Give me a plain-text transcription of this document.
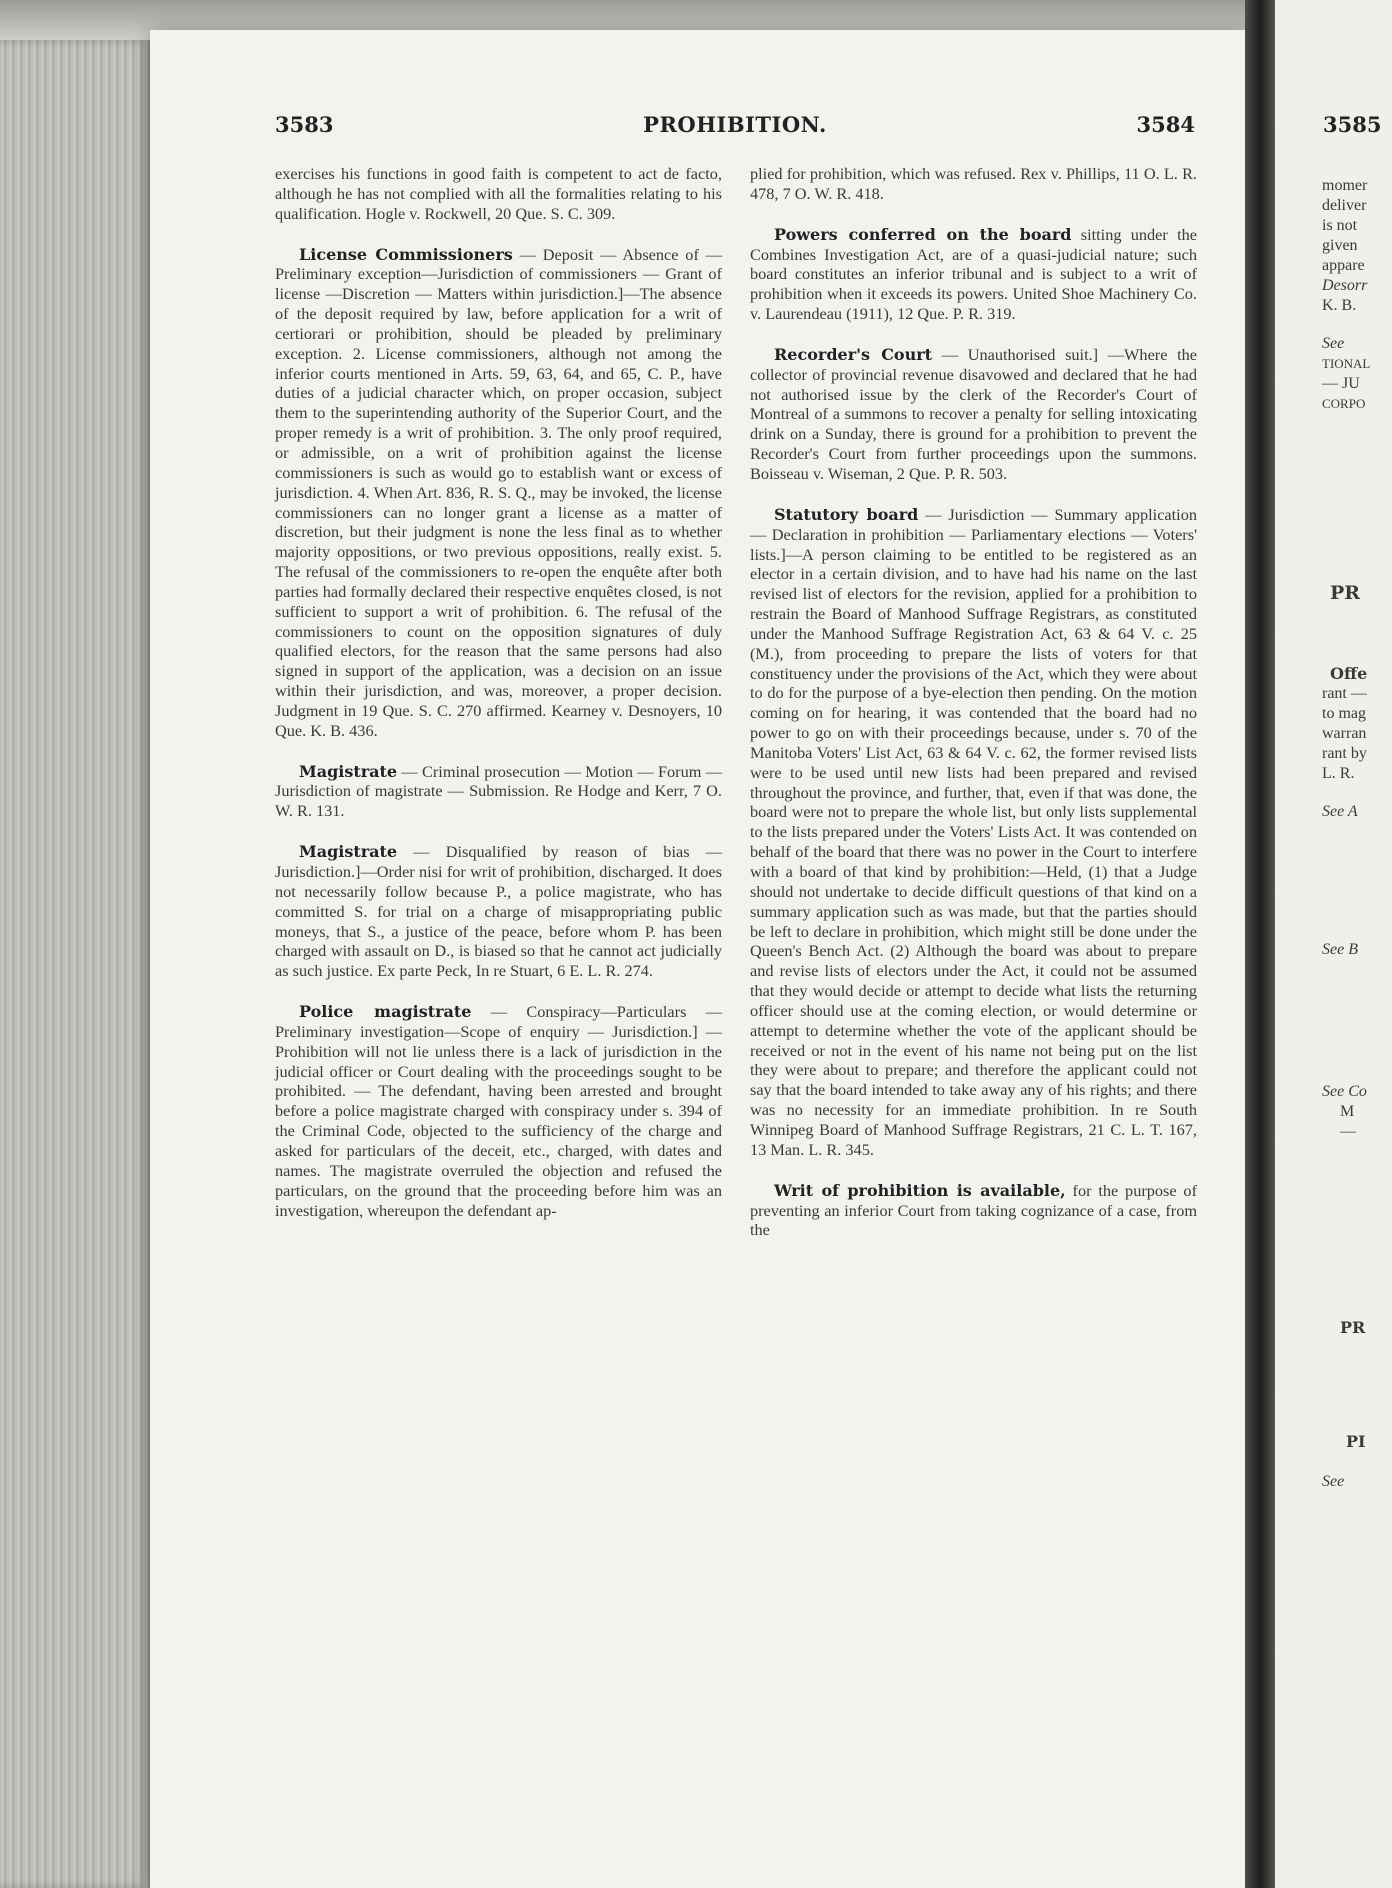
3583	PROHIBITION.	3584

exercises his functions in good faith is competent to act de facto, although he has not complied with all the formalities relating to his qualification. Hogle v. Rockwell, 20 Que. S. C. 309.

License Commissioners — Deposit — Absence of — Preliminary exception—Jurisdiction of commissioners — Grant of license —Discretion — Matters within jurisdiction.]—The absence of the deposit required by law, before application for a writ of certiorari or prohibition, should be pleaded by preliminary exception. 2. License commissioners, although not among the inferior courts mentioned in Arts. 59, 63, 64, and 65, C. P., have duties of a judicial character which, on proper occasion, subject them to the superintending authority of the Superior Court, and the proper remedy is a writ of prohibition. 3. The only proof required, or admissible, on a writ of prohibition against the license commissioners is such as would go to establish want or excess of jurisdiction. 4. When Art. 836, R. S. Q., may be invoked, the license commissioners can no longer grant a license as a matter of discretion, but their judgment is none the less final as to whether majority oppositions, or two previous oppositions, really exist. 5. The refusal of the commissioners to re-open the enquête after both parties had formally declared their respective enquêtes closed, is not sufficient to support a writ of prohibition. 6. The refusal of the commissioners to count on the opposition signatures of duly qualified electors, for the reason that the same persons had also signed in support of the application, was a decision on an issue within their jurisdiction, and was, moreover, a proper decision. Judgment in 19 Que. S. C. 270 affirmed. Kearney v. Desnoyers, 10 Que. K. B. 436.

Magistrate — Criminal prosecution — Motion — Forum — Jurisdiction of magistrate — Submission. Re Hodge and Kerr, 7 O. W. R. 131.

Magistrate — Disqualified by reason of bias — Jurisdiction.]—Order nisi for writ of prohibition, discharged. It does not necessarily follow because P., a police magistrate, who has committed S. for trial on a charge of misappropriating public moneys, that S., a justice of the peace, before whom P. has been charged with assault on D., is biased so that he cannot act judicially as such justice. Ex parte Peck, In re Stuart, 6 E. L. R. 274.

Police magistrate — Conspiracy—Particulars — Preliminary investigation—Scope of enquiry — Jurisdiction.] — Prohibition will not lie unless there is a lack of jurisdiction in the judicial officer or Court dealing with the proceedings sought to be prohibited. — The defendant, having been arrested and brought before a police magistrate charged with conspiracy under s. 394 of the Criminal Code, objected to the sufficiency of the charge and asked for particulars of the deceit, etc., charged, with dates and names. The magistrate overruled the objection and refused the particulars, on the ground that the proceeding before him was an investigation, whereupon the defendant ap-

plied for prohibition, which was refused. Rex v. Phillips, 11 O. L. R. 478, 7 O. W. R. 418.

Powers conferred on the board sitting under the Combines Investigation Act, are of a quasi-judicial nature; such board constitutes an inferior tribunal and is subject to a writ of prohibition when it exceeds its powers. United Shoe Machinery Co. v. Laurendeau (1911), 12 Que. P. R. 319.

Recorder's Court — Unauthorised suit.] —Where the collector of provincial revenue disavowed and declared that he had not authorised issue by the clerk of the Recorder's Court of Montreal of a summons to recover a penalty for selling intoxicating drink on a Sunday, there is ground for a prohibition to prevent the Recorder's Court from further proceedings upon the summons. Boisseau v. Wiseman, 2 Que. P. R. 503.

Statutory board — Jurisdiction — Summary application — Declaration in prohibition — Parliamentary elections — Voters' lists.]—A person claiming to be entitled to be registered as an elector in a certain division, and to have had his name on the last revised list of electors for the revision, applied for a prohibition to restrain the Board of Manhood Suffrage Registrars, as constituted under the Manhood Suffrage Registration Act, 63 & 64 V. c. 25 (M.), from proceeding to prepare the lists of voters for that constituency under the provisions of the Act, which they were about to do for the purpose of a bye-election then pending. On the motion coming on for hearing, it was contended that the board had no power to go on with their proceedings because, under s. 70 of the Manitoba Voters' List Act, 63 & 64 V. c. 62, the former revised lists were to be used until new lists had been prepared and revised throughout the province, and further, that, even if that was done, the board were not to prepare the whole list, but only lists supplemental to the lists prepared under the Voters' Lists Act. It was contended on behalf of the board that there was no power in the Court to interfere with a board of that kind by prohibition:—Held, (1) that a Judge should not undertake to decide difficult questions of that kind on a summary application such as was made, but that the parties should be left to declare in prohibition, which might still be done under the Queen's Bench Act. (2) Although the board was about to prepare and revise lists of electors under the Act, it could not be assumed that they would decide or attempt to decide what lists the returning officer should use at the coming election, or would determine or attempt to determine whether the vote of the applicant should be received or not in the event of his name not being put on the list they were about to prepare; and therefore the applicant could not say that the board intended to take away any of his rights; and there was no necessity for an immediate prohibition. In re South Winnipeg Board of Manhood Suffrage Registrars, 21 C. L. T. 167, 13 Man. L. R. 345.

Writ of prohibition is available, for the purpose of preventing an inferior Court from taking cognizance of a case, from the

3585
momer
deliver
is not
given
appare
Desorr
K. B.
See
TIONAL
— JU
CORPO
PR
Offe
rant —
to mag
warran
rant by
L. R.
See A
See B
See Co
M
—
PR
PI
See
